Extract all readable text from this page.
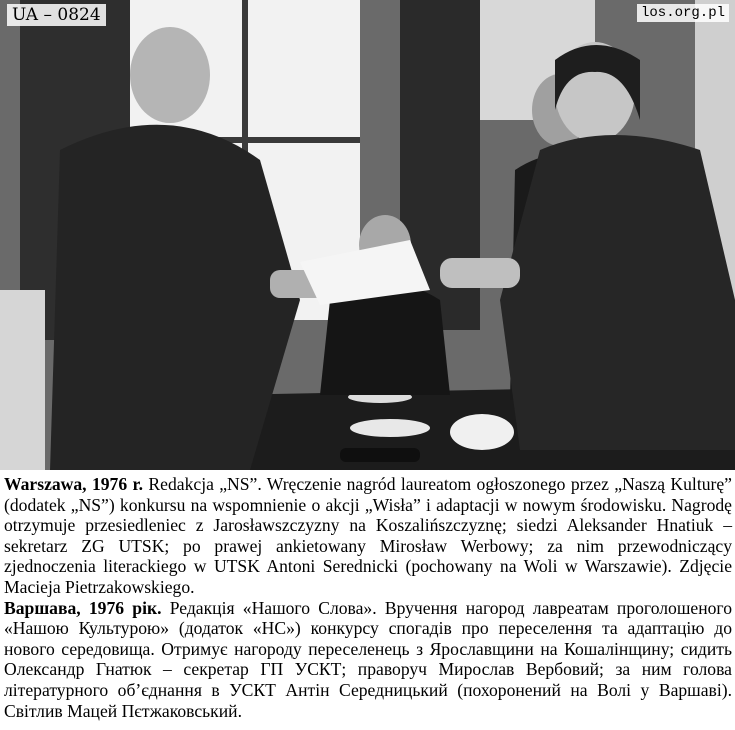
UA – 0824	los.org.pl

Warszawa, 1976 r. Redakcja „NS”. Wręczenie nagród laureatom ogłoszonego przez „Naszą Kulturę” (dodatek „NS”) konkursu na wspomnienie o akcji „Wisła” i adaptacji w nowym środowisku. Nagrodę otrzymuje przesiedleniec z Jarosławszczyzny na Koszalińszczyznę; siedzi Aleksander Hnatiuk – sekretarz ZG UTSK; po prawej ankietowany Mirosław Werbowy; za nim przewodniczący zjednoczenia literackiego w UTSK Antoni Serednicki (pochowany na Woli w Warszawie). Zdjęcie Macieja Pietrzakowskiego.

Варшава, 1976 рік. Редакція «Нашого Слова». Вручення нагород лавреатам проголошеного «Нашою Культурою» (додаток «НС») конкурсу спогадів про переселення та адаптацію до нового середовища. Отримує нагороду переселенець з Ярославщини на Кошалінщину; сидить Олександр Гнатюк – секретар ГП УСКТ; праворуч Мирослав Вербовий; за ним голова літературного об’єднання в УСКТ Антін Середницький (похоронений на Волі у Варшаві). Світлив Мацей Пєтжаковський.
